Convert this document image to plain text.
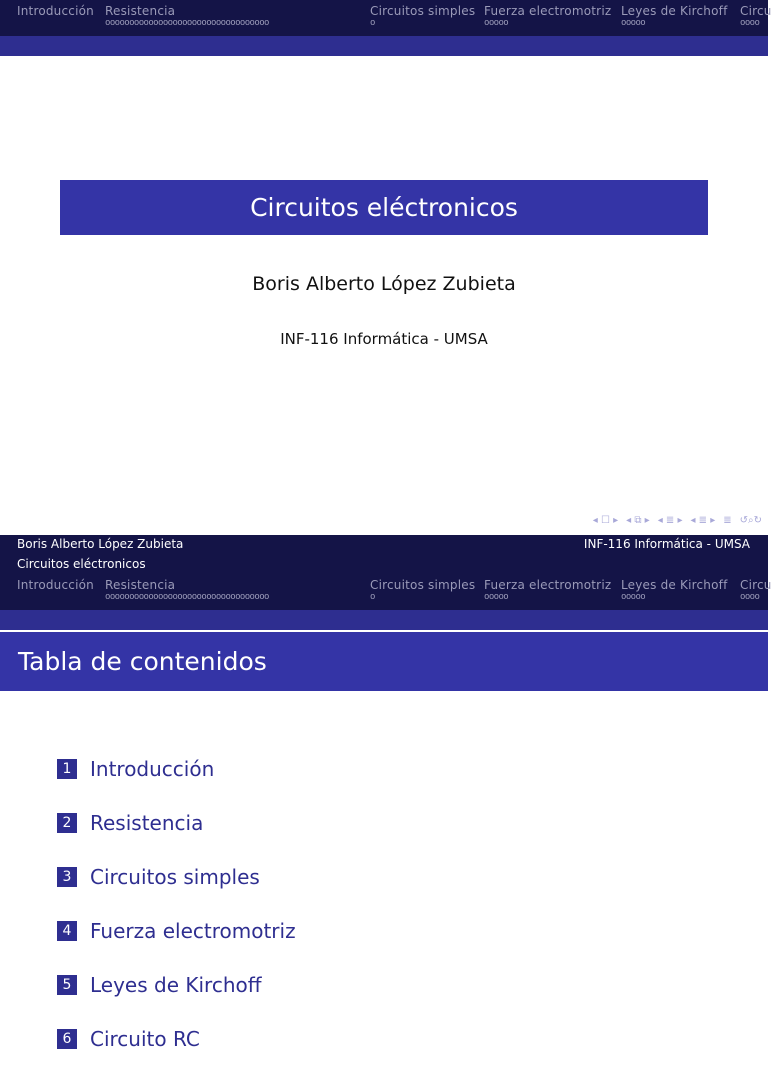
Introducción Resistencia
oooooooooooooooooooooooooooooooooo
Circuitos simples
o
Fuerza electromotriz
ooooo
Leyes de Kirchoff
ooooo
Circu
oooo
Circuitos eléctronicos
Boris Alberto López Zubieta
INF-116 Informática - UMSA
◂ ☐ ▸ ◂ ⧉ ▸ ◂ ≣ ▸ ◂ ≣ ▸ ≣ ↺⌕↻
Boris Alberto López Zubieta	INF-116 Informática - UMSA
Circuitos eléctronicos
Introducción Resistencia
oooooooooooooooooooooooooooooooooo
Circuitos simples
o
Fuerza electromotriz
ooooo
Leyes de Kirchoff
ooooo
Circu
oooo
Tabla de contenidos
1 Introducción
2 Resistencia
3 Circuitos simples
4 Fuerza electromotriz
5 Leyes de Kirchoff
6 Circuito RC
